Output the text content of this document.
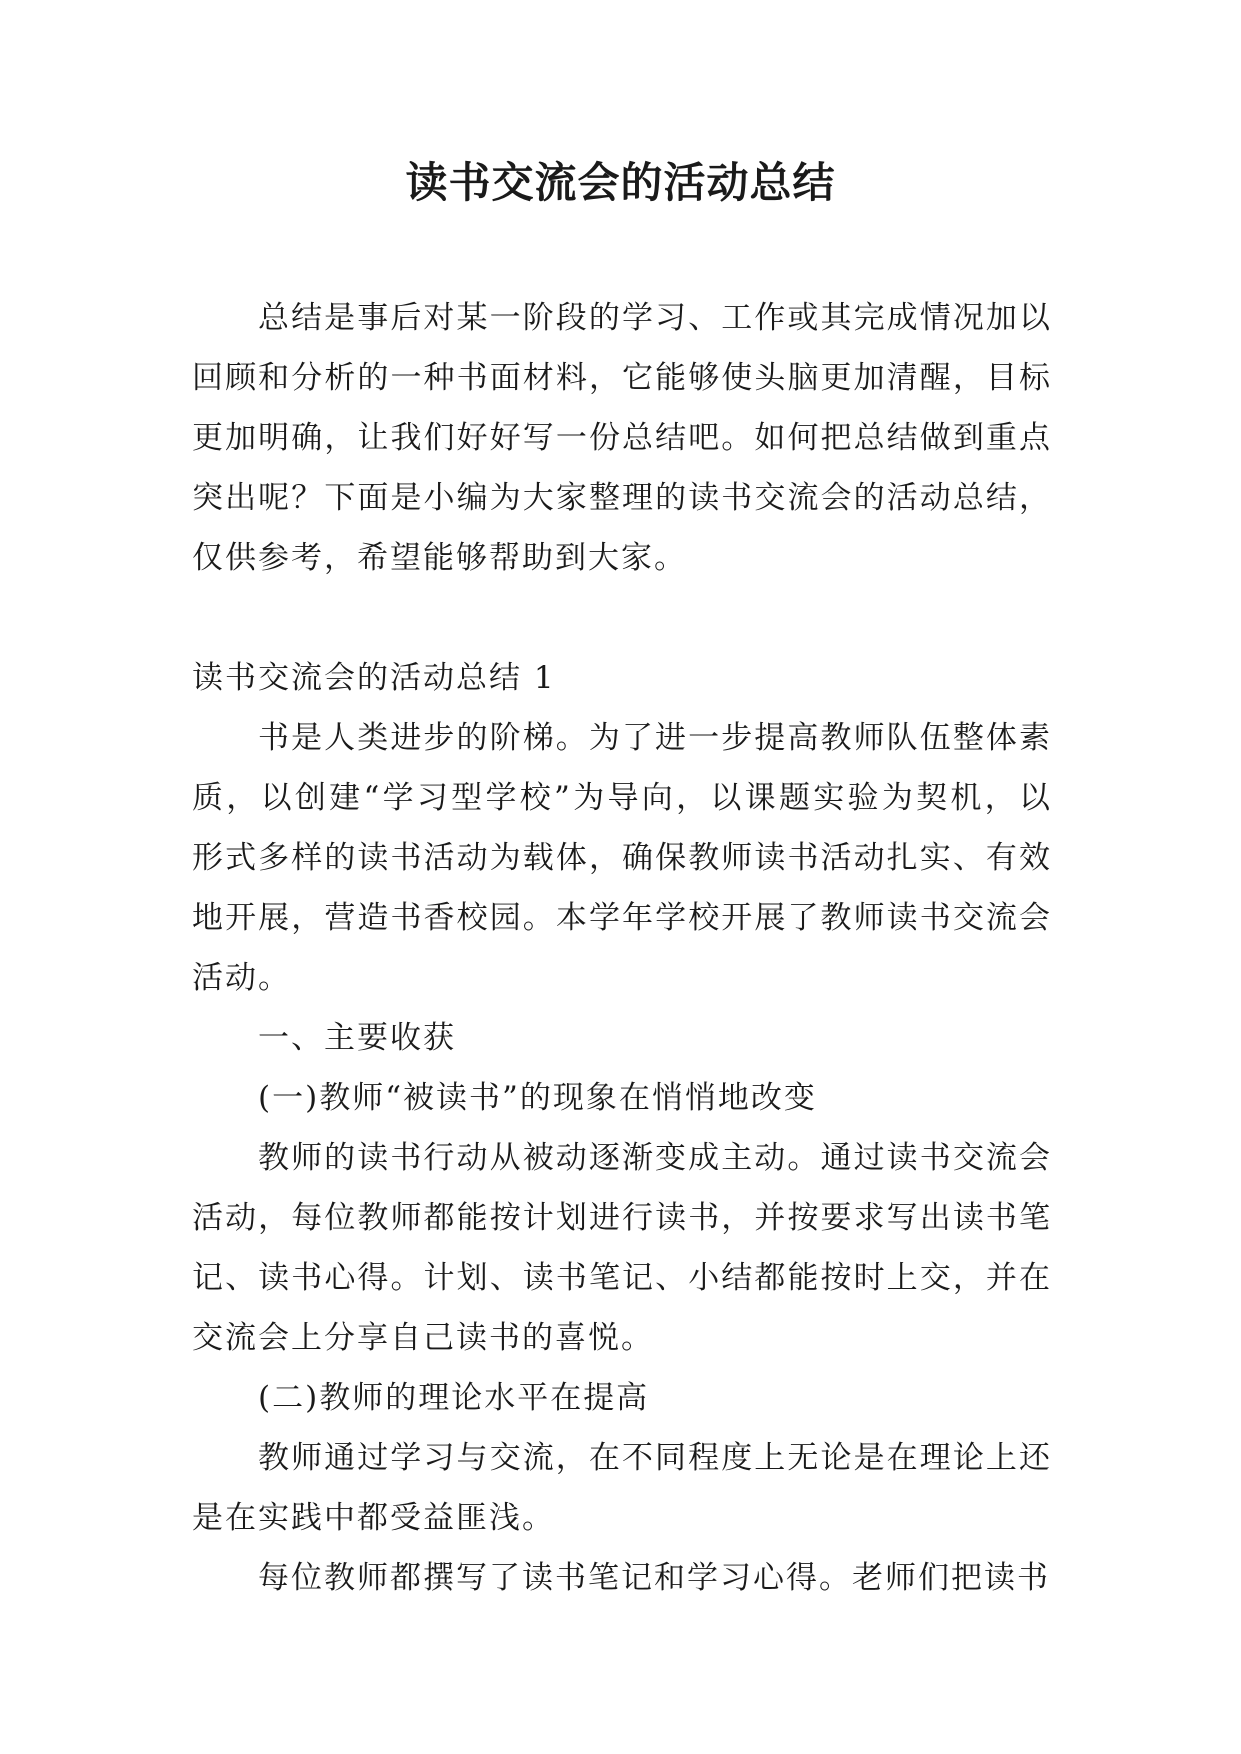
读书交流会的活动总结

总结是事后对某一阶段的学习、工作或其完成情况加以回顾和分析的一种书面材料，它能够使头脑更加清醒，目标更加明确，让我们好好写一份总结吧。如何把总结做到重点突出呢？下面是小编为大家整理的读书交流会的活动总结，仅供参考，希望能够帮助到大家。

读书交流会的活动总结 1

书是人类进步的阶梯。为了进一步提高教师队伍整体素质，以创建“学习型学校”为导向，以课题实验为契机，以形式多样的读书活动为载体，确保教师读书活动扎实、有效地开展，营造书香校园。本学年学校开展了教师读书交流会活动。

一、主要收获

(一)教师“被读书”的现象在悄悄地改变

教师的读书行动从被动逐渐变成主动。通过读书交流会活动，每位教师都能按计划进行读书，并按要求写出读书笔记、读书心得。计划、读书笔记、小结都能按时上交，并在交流会上分享自己读书的喜悦。

(二)教师的理论水平在提高

教师通过学习与交流，在不同程度上无论是在理论上还是在实践中都受益匪浅。

每位教师都撰写了读书笔记和学习心得。老师们把读书
